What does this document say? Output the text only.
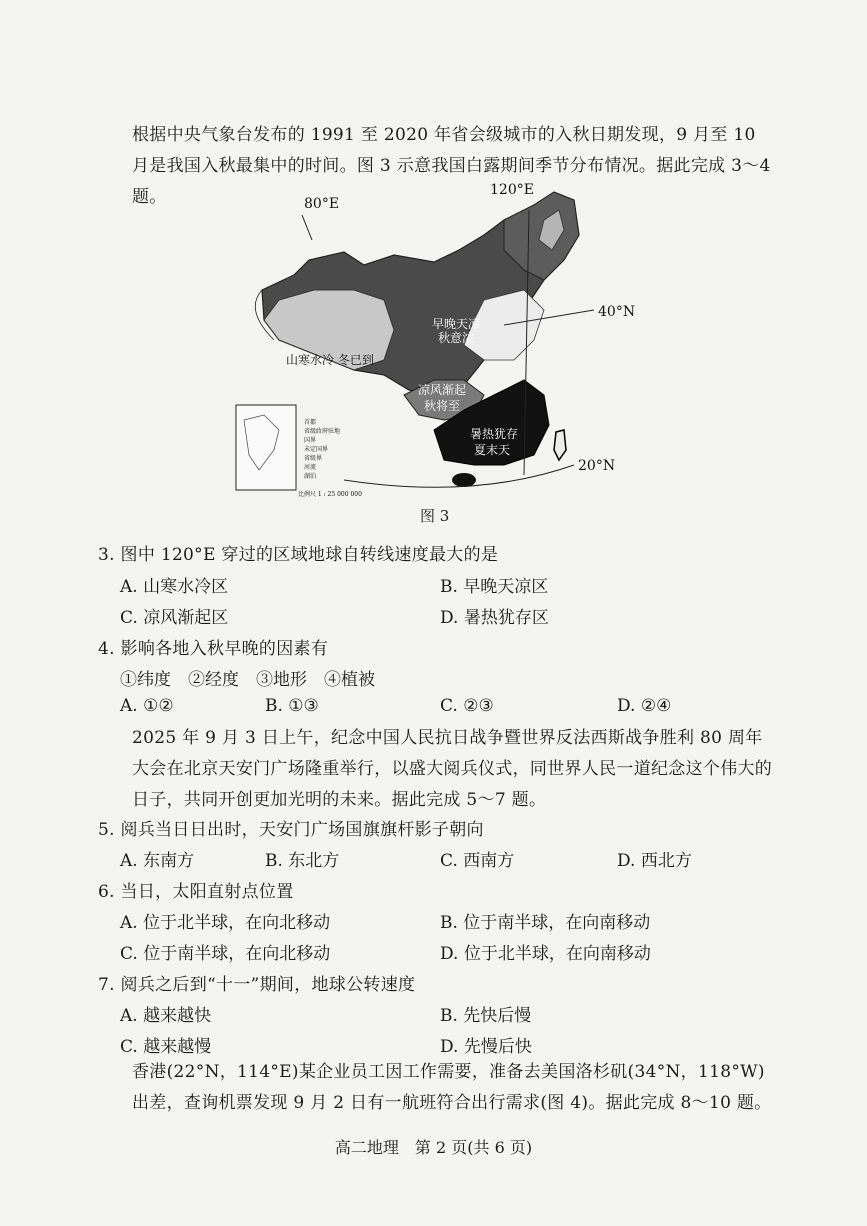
根据中央气象台发布的 1991 至 2020 年省会级城市的入秋日期发现，9 月至 10 月是我国入秋最集中的时间。图 3 示意我国白露期间季节分布情况。据此完成 3～4 题。	80°E
120°E
40°N
20°N
山寒水冷 冬已到
早晚天凉
秋意浓
凉风渐起
秋将至
暑热犹存
夏末天
首都
省级政府驻地
国界
未定国界
省级界
河流
湖泊
比例尺 1 : 25 000 000
图 3
3. 图中 120°E 穿过的区域地球自转线速度最大的是
A. 山寒水冷区	B. 早晚天凉区
C. 凉风渐起区	D. 暑热犹存区
4. 影响各地入秋早晚的因素有
①纬度　②经度　③地形　④植被
A. ①②	B. ①③	C. ②③	D. ②④
2025 年 9 月 3 日上午，纪念中国人民抗日战争暨世界反法西斯战争胜利 80 周年大会在北京天安门广场隆重举行，以盛大阅兵仪式，同世界人民一道纪念这个伟大的日子，共同开创更加光明的未来。据此完成 5～7 题。
5. 阅兵当日日出时，天安门广场国旗旗杆影子朝向
A. 东南方	B. 东北方	C. 西南方	D. 西北方
6. 当日，太阳直射点位置
A. 位于北半球，在向北移动	B. 位于南半球，在向南移动
C. 位于南半球，在向北移动	D. 位于北半球，在向南移动
7. 阅兵之后到“十一”期间，地球公转速度
A. 越来越快	B. 先快后慢
C. 越来越慢	D. 先慢后快
香港(22°N，114°E)某企业员工因工作需要，准备去美国洛杉矶(34°N，118°W)出差，查询机票发现 9 月 2 日有一航班符合出行需求(图 4)。据此完成 8～10 题。
高二地理　第 2 页(共 6 页)
